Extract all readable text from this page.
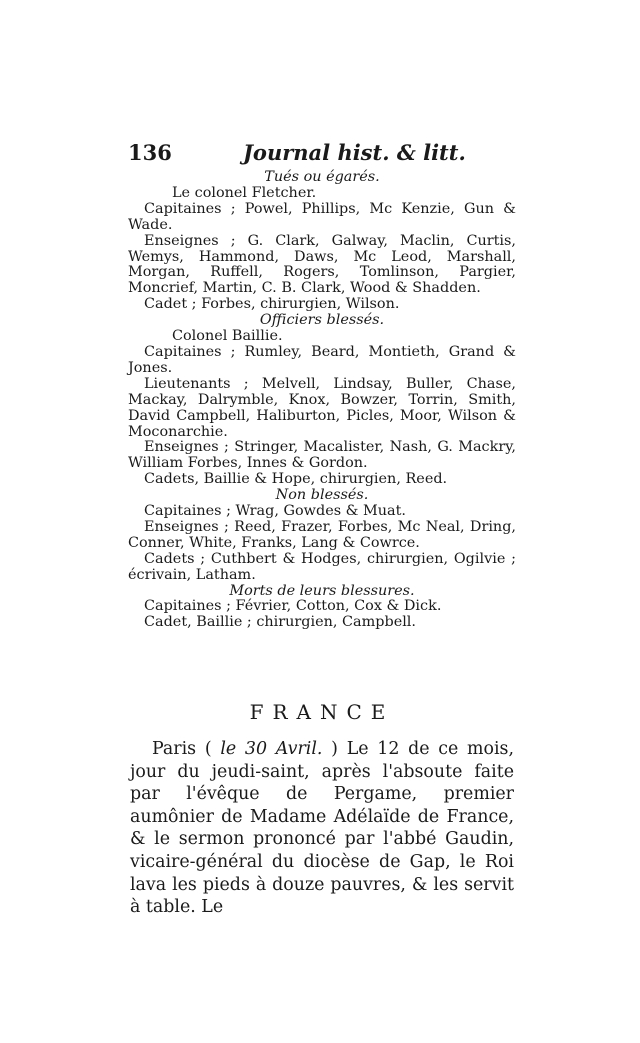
136	Journal hist. & litt.

Tués ou égarés.

Le colonel Fletcher.

Capitaines ; Powel, Phillips, Mc Kenzie, Gun & Wade.

Enseignes ; G. Clark, Galway, Maclin, Curtis, Wemys, Hammond, Daws, Mc Leod, Marshall, Morgan, Ruffell, Rogers, Tomlinson, Pargier, Moncrief, Martin, C. B. Clark, Wood & Shadden.

Cadet ; Forbes, chirurgien, Wilson.

Officiers blessés.

Colonel Baillie.

Capitaines ; Rumley, Beard, Montieth, Grand & Jones.

Lieutenants ; Melvell, Lindsay, Buller, Chase, Mackay, Dalrymble, Knox, Bowzer, Torrin, Smith, David Campbell, Haliburton, Picles, Moor, Wilson & Moconarchie.

Enseignes ; Stringer, Macalister, Nash, G. Mackry, William Forbes, Innes & Gordon.

Cadets, Baillie & Hope, chirurgien, Reed.

Non blessés.

Capitaines ; Wrag, Gowdes & Muat.

Enseignes ; Reed, Frazer, Forbes, Mc Neal, Dring, Conner, White, Franks, Lang & Cowrce.

Cadets ; Cuthbert & Hodges, chirurgien, Ogilvie ; écrivain, Latham.

Morts de leurs blessures.

Capitaines ; Février, Cotton, Cox & Dick.

Cadet, Baillie ; chirurgien, Campbell.

FRANCE

Paris ( le 30 Avril. ) Le 12 de ce mois, jour du jeudi-saint, après l'absoute faite par l'évêque de Pergame, premier aumônier de Madame Adélaïde de France, & le sermon prononcé par l'abbé Gaudin, vicaire-général du diocèse de Gap, le Roi lava les pieds à douze pauvres, & les servit à table. Le
